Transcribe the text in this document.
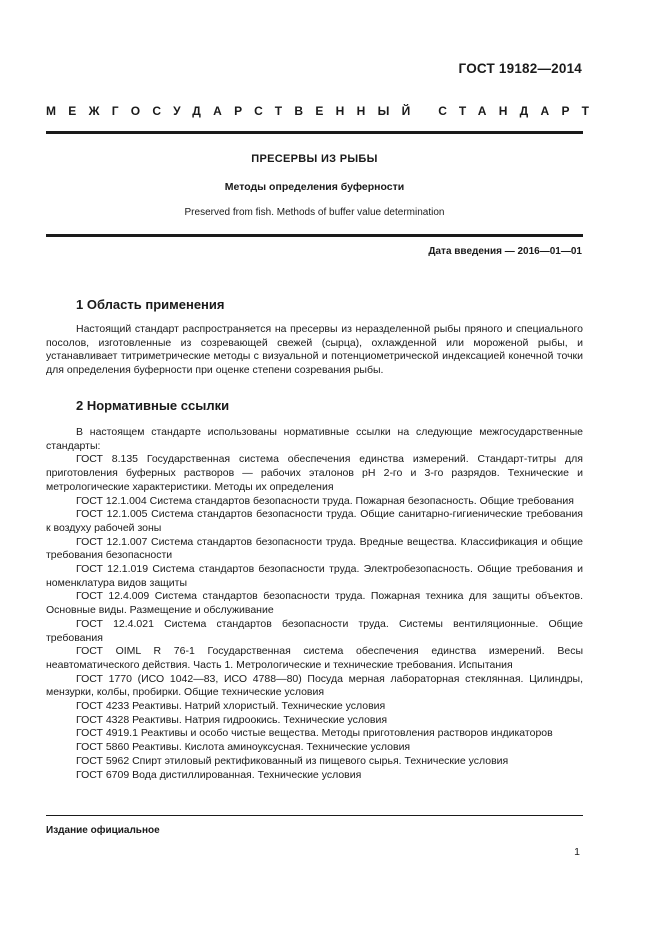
ГОСТ 19182—2014
МЕЖГОСУДАРСТВЕННЫЙ СТАНДАРТ
ПРЕСЕРВЫ ИЗ РЫБЫ
Методы определения буферности
Preserved from fish. Methods of buffer value determination
Дата введения — 2016—01—01
1 Область применения

Настоящий стандарт распространяется на пресервы из неразделенной рыбы пряного и специального посолов, изготовленные из созревающей свежей (сырца), охлажденной или мороженой рыбы, и устанавливает титриметрические методы с визуальной и потенциометрической индексацией конечной точки для определения буферности при оценке степени созревания рыбы.

2 Нормативные ссылки

В настоящем стандарте использованы нормативные ссылки на следующие межгосударственные стандарты:

ГОСТ 8.135 Государственная система обеспечения единства измерений. Стандарт-титры для приготовления буферных растворов — рабочих эталонов pH 2-го и 3-го разрядов. Технические и метрологические характеристики. Методы их определения

ГОСТ 12.1.004 Система стандартов безопасности труда. Пожарная безопасность. Общие требования

ГОСТ 12.1.005 Система стандартов безопасности труда. Общие санитарно-гигиенические требования к воздуху рабочей зоны

ГОСТ 12.1.007 Система стандартов безопасности труда. Вредные вещества. Классификация и общие требования безопасности

ГОСТ 12.1.019 Система стандартов безопасности труда. Электробезопасность. Общие требования и номенклатура видов защиты

ГОСТ 12.4.009 Система стандартов безопасности труда. Пожарная техника для защиты объектов. Основные виды. Размещение и обслуживание

ГОСТ 12.4.021 Система стандартов безопасности труда. Системы вентиляционные. Общие требования

ГОСТ OIML R 76-1 Государственная система обеспечения единства измерений. Весы неавтоматического действия. Часть 1. Метрологические и технические требования. Испытания

ГОСТ 1770 (ИСО 1042—83, ИСО 4788—80) Посуда мерная лабораторная стеклянная. Цилиндры, мензурки, колбы, пробирки. Общие технические условия

ГОСТ 4233 Реактивы. Натрий хлористый. Технические условия

ГОСТ 4328 Реактивы. Натрия гидроокись. Технические условия

ГОСТ 4919.1 Реактивы и особо чистые вещества. Методы приготовления растворов индикаторов

ГОСТ 5860 Реактивы. Кислота аминоуксусная. Технические условия

ГОСТ 5962 Спирт этиловый ректификованный из пищевого сырья. Технические условия

ГОСТ 6709 Вода дистиллированная. Технические условия

Издание официальное
1
